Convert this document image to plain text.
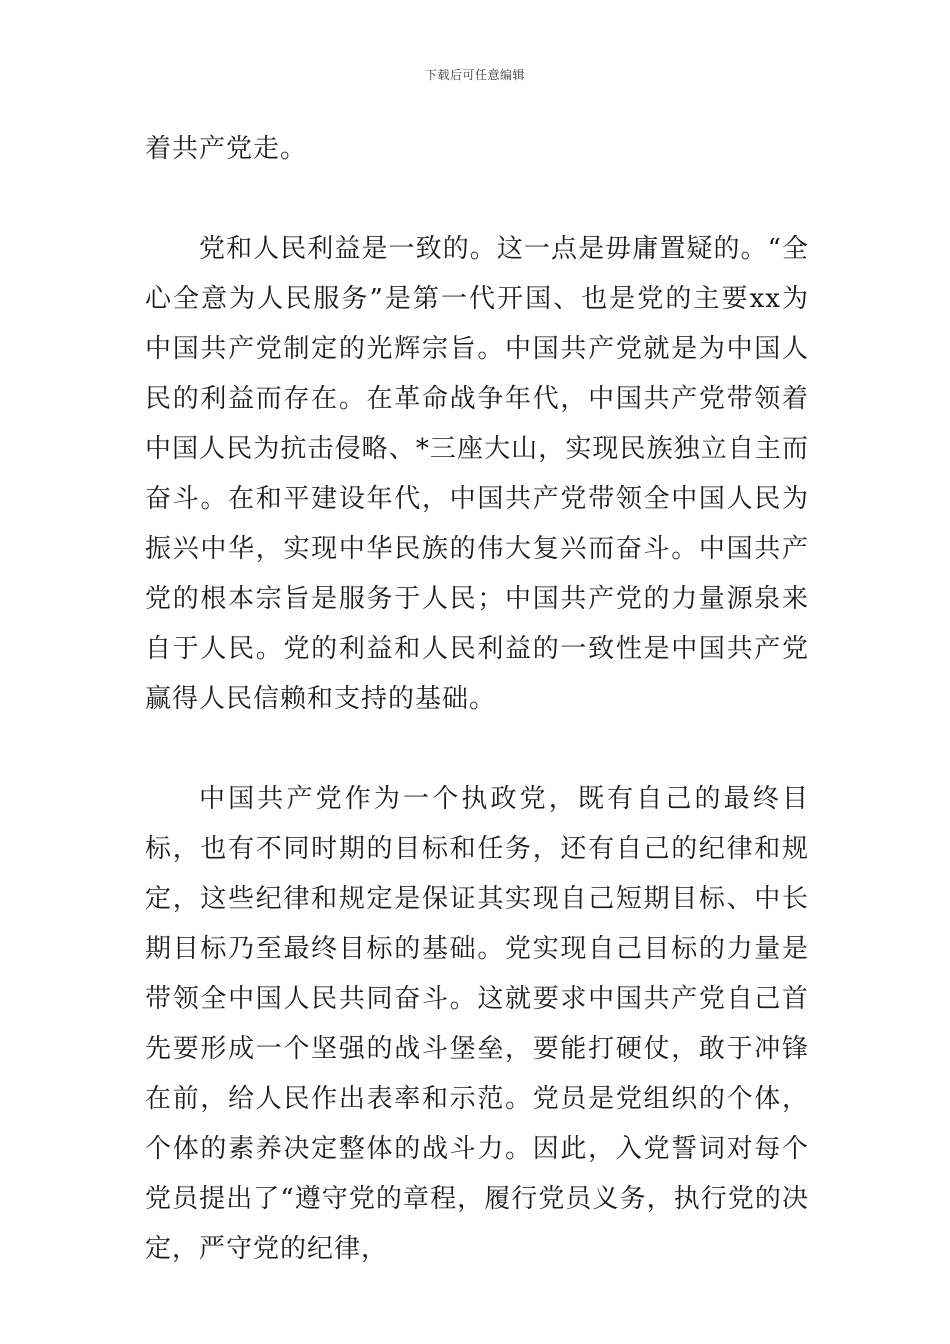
下载后可任意编辑

着共产党走。

党和人民利益是一致的。这一点是毋庸置疑的。“全心全意为人民服务”是第一代开国、也是党的主要xx为中国共产党制定的光辉宗旨。中国共产党就是为中国人民的利益而存在。在革命战争年代，中国共产党带领着中国人民为抗击侵略、*三座大山，实现民族独立自主而奋斗。在和平建设年代，中国共产党带领全中国人民为振兴中华，实现中华民族的伟大复兴而奋斗。中国共产党的根本宗旨是服务于人民；中国共产党的力量源泉来自于人民。党的利益和人民利益的一致性是中国共产党赢得人民信赖和支持的基础。

中国共产党作为一个执政党，既有自己的最终目标，也有不同时期的目标和任务，还有自己的纪律和规定，这些纪律和规定是保证其实现自己短期目标、中长期目标乃至最终目标的基础。党实现自己目标的力量是带领全中国人民共同奋斗。这就要求中国共产党自己首先要形成一个坚强的战斗堡垒，要能打硬仗，敢于冲锋在前，给人民作出表率和示范。党员是党组织的个体，个体的素养决定整体的战斗力。因此，入党誓词对每个党员提出了“遵守党的章程，履行党员义务，执行党的决定，严守党的纪律，
